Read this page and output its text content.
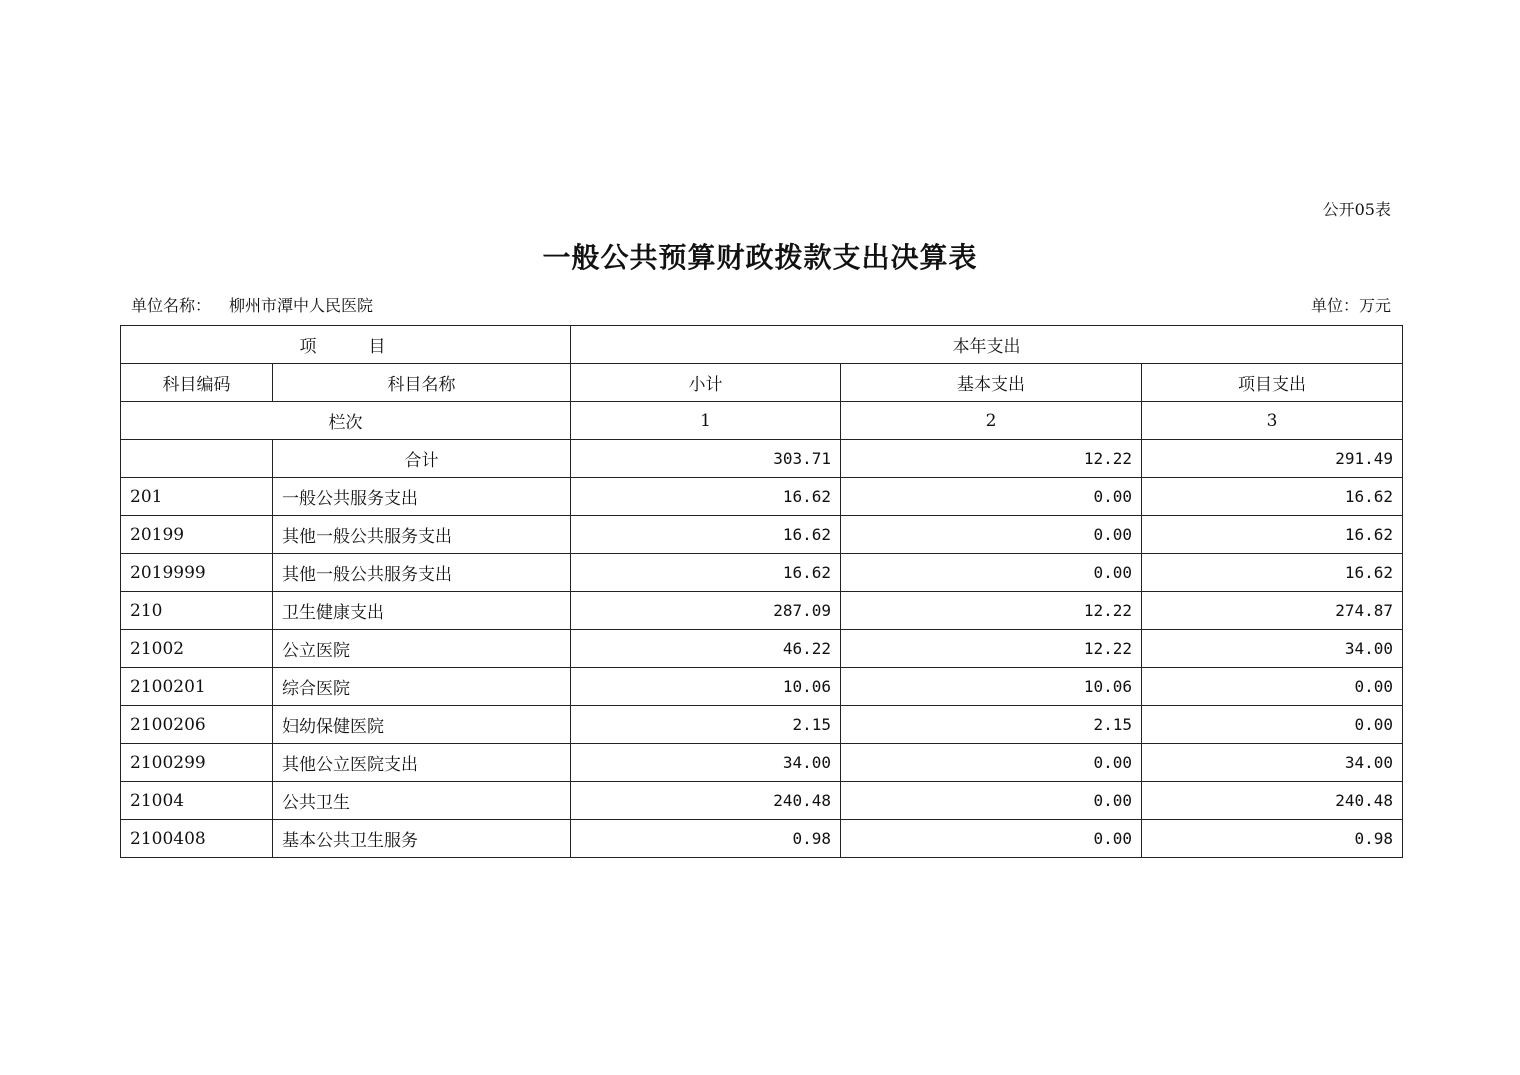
公开05表
一般公共预算财政拨款支出决算表
单位名称： 柳州市潭中人民医院	单位：万元
项　　目		本年支出		
科目编码	科目名称	小计	基本支出	项目支出
栏次		1	2	3
	合计	303.71	12.22	291.49
201	一般公共服务支出	16.62	0.00	16.62
20199	其他一般公共服务支出	16.62	0.00	16.62
2019999	其他一般公共服务支出	16.62	0.00	16.62
210	卫生健康支出	287.09	12.22	274.87
21002	公立医院	46.22	12.22	34.00
2100201	综合医院	10.06	10.06	0.00
2100206	妇幼保健医院	2.15	2.15	0.00
2100299	其他公立医院支出	34.00	0.00	34.00
21004	公共卫生	240.48	0.00	240.48
2100408	基本公共卫生服务	0.98	0.00	0.98
